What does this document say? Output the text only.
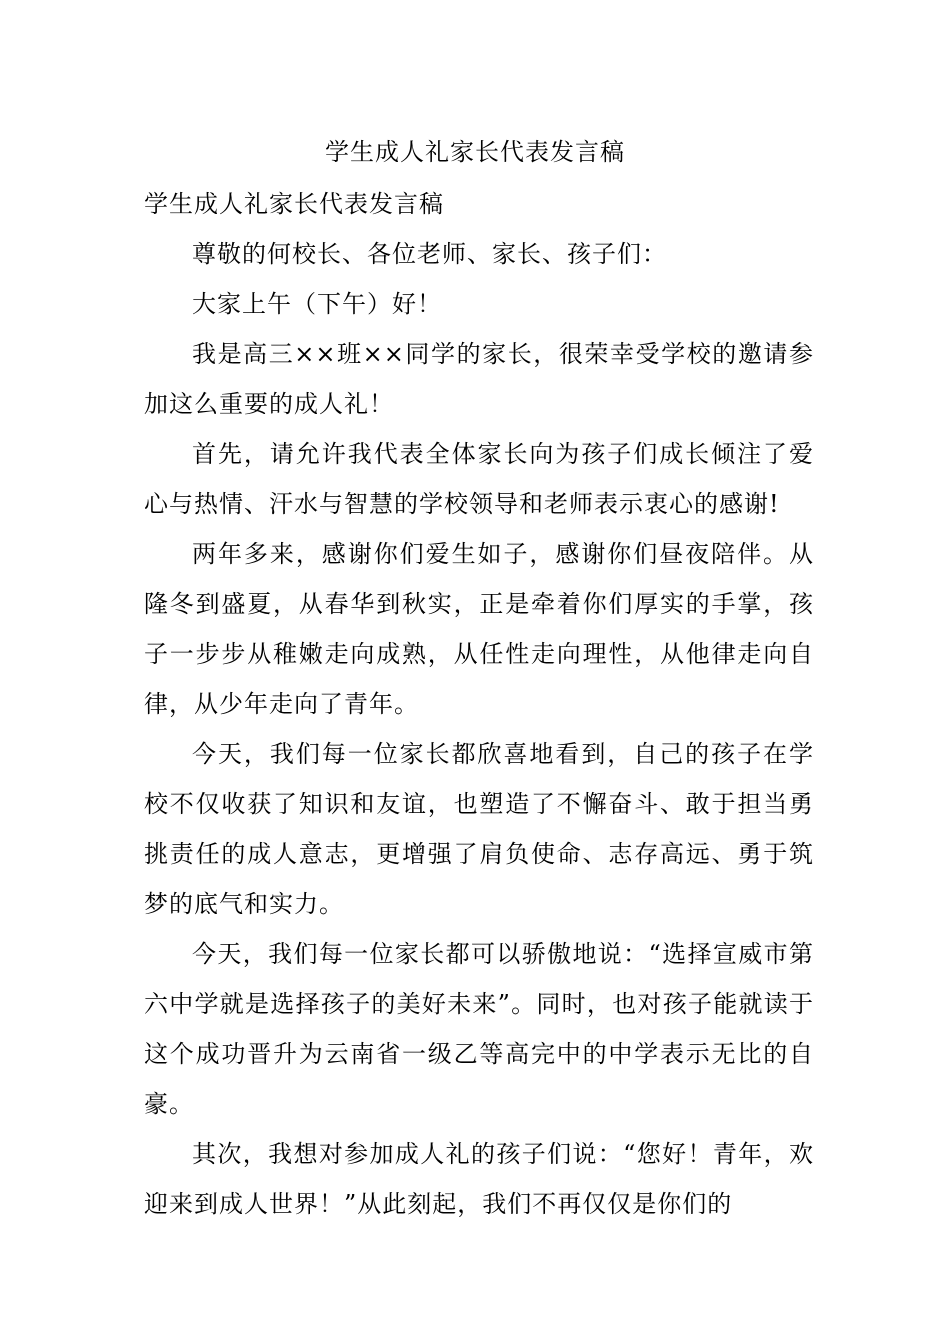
学生成人礼家长代表发言稿

学生成人礼家长代表发言稿

尊敬的何校长、各位老师、家长、孩子们：

大家上午（下午）好！

我是高三××班××同学的家长，很荣幸受学校的邀请参加这么重要的成人礼！

首先，请允许我代表全体家长向为孩子们成长倾注了爱心与热情、汗水与智慧的学校领导和老师表示衷心的感谢!

两年多来，感谢你们爱生如子，感谢你们昼夜陪伴。从隆冬到盛夏，从春华到秋实，正是牵着你们厚实的手掌，孩子一步步从稚嫩走向成熟，从任性走向理性，从他律走向自律，从少年走向了青年。

今天，我们每一位家长都欣喜地看到，自己的孩子在学校不仅收获了知识和友谊，也塑造了不懈奋斗、敢于担当勇挑责任的成人意志，更增强了肩负使命、志存高远、勇于筑梦的底气和实力。

今天，我们每一位家长都可以骄傲地说：“选择宣威市第六中学就是选择孩子的美好未来”。同时，也对孩子能就读于这个成功晋升为云南省一级乙等高完中的中学表示无比的自豪。

其次，我想对参加成人礼的孩子们说：“您好！青年，欢迎来到成人世界！”从此刻起，我们不再仅仅是你们的
